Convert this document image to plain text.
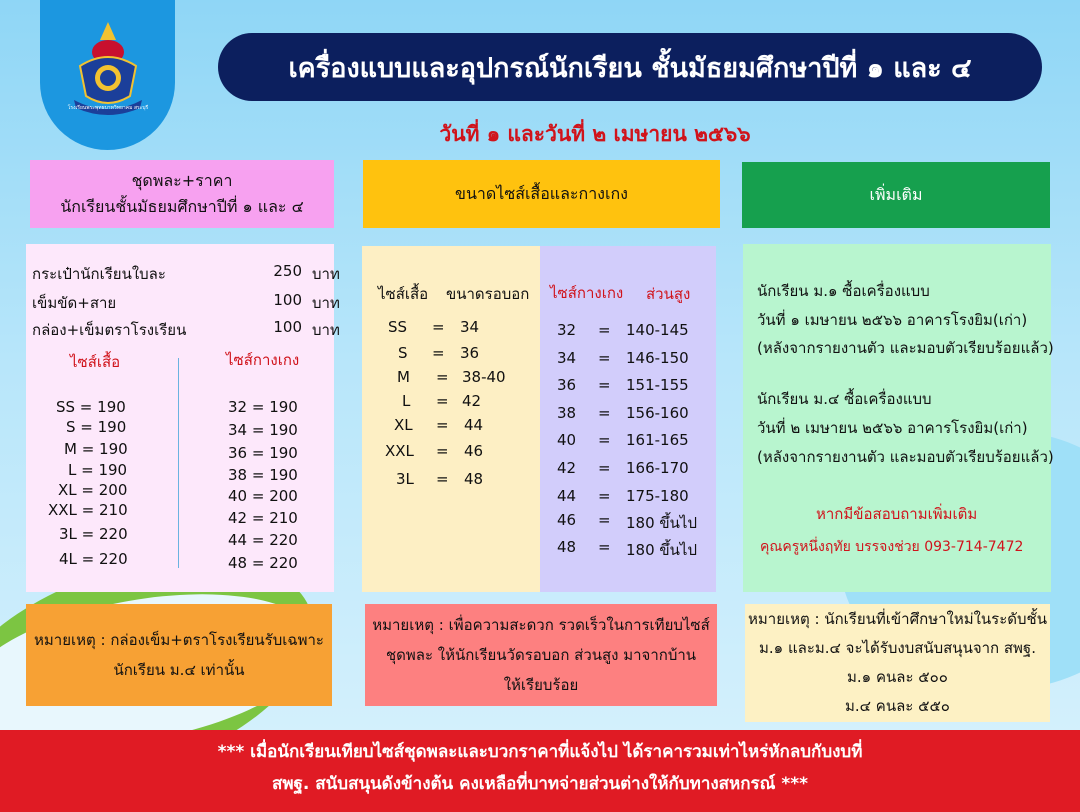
โรงเรียนพระพุทธบาทวิทยาคม สระบุรี
เครื่องแบบและอุปกรณ์นักเรียน ชั้นมัธยมศึกษาปีที่ ๑ และ ๔
วันที่ ๑ และวันที่ ๒ เมษายน ๒๕๖๖
ชุดพละ+ราคา
นักเรียนชั้นมัธยมศึกษาปีที่ ๑ และ ๔
ขนาดไซส์เสื้อและกางเกง	เพิ่มเติม
กระเป๋านักเรียนใบละ	250 บาท
เข็มขัด+สาย	100 บาท
กล่อง+เข็มตราโรงเรียน	100 บาท
ไซส์เสื้อ	ไซส์กางเกง
SS = 190
S = 190
M = 190
L = 190
XL = 200
XXL = 210
3L = 220
4L = 220
32 = 190
34 = 190
36 = 190
38 = 190
40 = 200
42 = 210
44 = 220
48 = 220
ไซส์เสื้อ ขนาดรอบอก
SS = 34
S = 36
M = 38-40
L = 42
XL = 44
XXL = 46
3L = 48
ไซส์กางเกง ส่วนสูง
32 = 140-145
34 = 146-150
36 = 151-155
38 = 156-160
40 = 161-165
42 = 166-170
44 = 175-180
46 = 180 ขึ้นไป
48 = 180 ขึ้นไป
นักเรียน ม.๑ ซื้อเครื่องแบบ
วันที่ ๑ เมษายน ๒๕๖๖ อาคารโรงยิม(เก่า)
(หลังจากรายงานตัว และมอบตัวเรียบร้อยแล้ว)
นักเรียน ม.๔ ซื้อเครื่องแบบ
วันที่ ๒ เมษายน ๒๕๖๖ อาคารโรงยิม(เก่า)
(หลังจากรายงานตัว และมอบตัวเรียบร้อยแล้ว)
หากมีข้อสอบถามเพิ่มเติม
คุณครูหนึ่งฤทัย บรรจงช่วย 093-714-7472
หมายเหตุ : กล่องเข็ม+ตราโรงเรียนรับเฉพาะ
นักเรียน ม.๔ เท่านั้น
หมายเหตุ : เพื่อความสะดวก รวดเร็วในการเทียบไซส์
ชุดพละ ให้นักเรียนวัดรอบอก ส่วนสูง มาจากบ้าน
ให้เรียบร้อย
หมายเหตุ : นักเรียนที่เข้าศึกษาใหม่ในระดับชั้น
ม.๑ และม.๔ จะได้รับงบสนับสนุนจาก สพฐ.
ม.๑ คนละ ๕๐๐
ม.๔ คนละ ๕๕๐
*** เมื่อนักเรียนเทียบไซส์ชุดพละและบวกราคาที่แจ้งไป ได้ราคารวมเท่าไหร่หักลบกับงบที่
สพฐ. สนับสนุนดังข้างต้น คงเหลือที่บาทจ่ายส่วนต่างให้กับทางสหกรณ์ ***
